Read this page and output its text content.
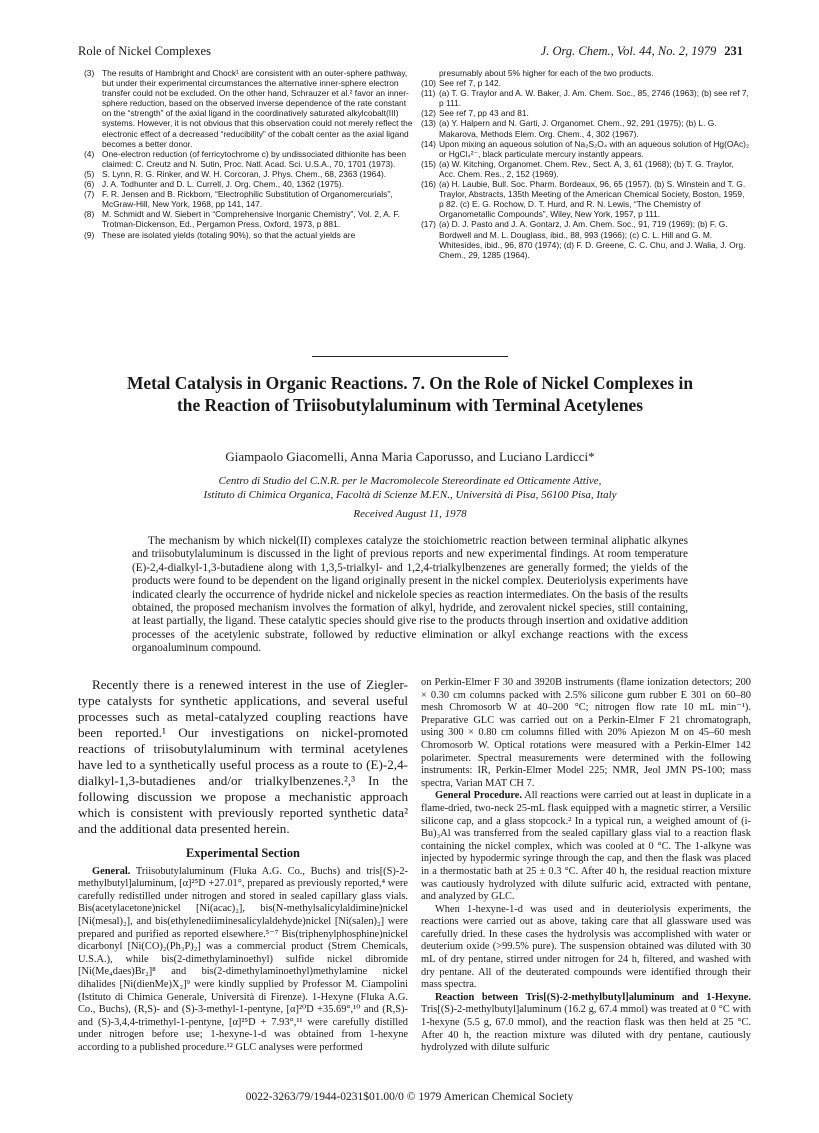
Role of Nickel Complexes	J. Org. Chem., Vol. 44, No. 2, 1979 231
(3) The results of Hambright and Chock¹ are consistent with an outer-sphere pathway, but under their experimental circumstances the alternative inner-sphere electron transfer could not be excluded. On the other hand, Schrauzer et al.² favor an inner-sphere reduction, based on the observed inverse dependence of the rate constant on the “strength” of the axial ligand in the coordinatively saturated alkylcobalt(III) systems. However, it is not obvious that this observation could not merely reflect the electronic effect of a decreased “reducibility” of the cobalt center as the axial ligand becomes a better donor.
(4) One-electron reduction (of ferricytochrome c) by undissociated dithionite has been claimed: C. Creutz and N. Sutin, Proc. Natl. Acad. Sci. U.S.A., 70, 1701 (1973).
(5) S. Lynn, R. G. Rinker, and W. H. Corcoran, J. Phys. Chem., 68, 2363 (1964).
(6) J. A. Todhunter and D. L. Currell, J. Org. Chem., 40, 1362 (1975).
(7) F. R. Jensen and B. Rickborn, “Electrophilic Substitution of Organomercurials”, McGraw-Hill, New York, 1968, pp 141, 147.
(8) M. Schmidt and W. Siebert in “Comprehensive Inorganic Chemistry”, Vol. 2, A. F. Trotman-Dickenson, Ed., Pergamon Press, Oxford, 1973, p 881.
(9) These are isolated yields (totaling 90%), so that the actual yields are
presumably about 5% higher for each of the two products.
(10) See ref 7, p 142.
(11) (a) T. G. Traylor and A. W. Baker, J. Am. Chem. Soc., 85, 2746 (1963); (b) see ref 7, p 111.
(12) See ref 7, pp 43 and 81.
(13) (a) Y. Halpern and N. Garti, J. Organomet. Chem., 92, 291 (1975); (b) L. G. Makarova, Methods Elem. Org. Chem., 4, 302 (1967).
(14) Upon mixing an aqueous solution of Na₂S₂O₄ with an aqueous solution of Hg(OAc)₂ or HgCl₄²⁻, black particulate mercury instantly appears.
(15) (a) W. Kitching, Organomet. Chem. Rev., Sect. A, 3, 61 (1968); (b) T. G. Traylor, Acc. Chem. Res., 2, 152 (1969).
(16) (a) H. Laubie, Bull. Soc. Pharm. Bordeaux, 96, 65 (1957). (b) S. Winstein and T. G. Traylor, Abstracts, 135th Meeting of the American Chemical Society, Boston, 1959, p 82. (c) E. G. Rochow, D. T. Hurd, and R. N. Lewis, “The Chemistry of Organometallic Compounds”, Wiley, New York, 1957, p 111.
(17) (a) D. J. Pasto and J. A. Gontarz, J. Am. Chem. Soc., 91, 719 (1969); (b) F. G. Bordwell and M. L. Douglass, ibid., 88, 993 (1966); (c) C. L. Hill and G. M. Whitesides, ibid., 96, 870 (1974); (d) F. D. Greene, C. C. Chu, and J. Walia, J. Org. Chem., 29, 1285 (1964).
Metal Catalysis in Organic Reactions. 7. On the Role of Nickel Complexes in the Reaction of Triisobutylaluminum with Terminal Acetylenes
Giampaolo Giacomelli, Anna Maria Caporusso, and Luciano Lardicci*
Centro di Studio del C.N.R. per le Macromolecole Stereordinate ed Otticamente Attive,
Istituto di Chimica Organica, Facoltà di Scienze M.F.N., Università di Pisa, 56100 Pisa, Italy
Received August 11, 1978
The mechanism by which nickel(II) complexes catalyze the stoichiometric reaction between terminal aliphatic alkynes and triisobutylaluminum is discussed in the light of previous reports and new experimental findings. At room temperature (E)-2,4-dialkyl-1,3-butadiene along with 1,3,5-trialkyl- and 1,2,4-trialkylbenzenes are generally formed; the yields of the products were found to be dependent on the ligand originally present in the nickel complex. Deuteriolysis experiments have indicated clearly the occurrence of hydride nickel and nickelole species as reaction intermediates. On the basis of the results obtained, the proposed mechanism involves the formation of alkyl, hydride, and zerovalent nickel species, still containing, at least partially, the ligand. These catalytic species should give rise to the products through insertion and oxidative addition processes of the acetylenic substrate, followed by reductive elimination or alkyl exchange reactions with the excess organoaluminum compound.

Recently there is a renewed interest in the use of Ziegler-type catalysts for synthetic applications, and several useful processes such as metal-catalyzed coupling reactions have been reported.¹ Our investigations on nickel-promoted reactions of triisobutylaluminum with terminal acetylenes have led to a synthetically useful process as a route to (E)-2,4-dialkyl-1,3-butadienes and/or trialkylbenzenes.²,³ In the following discussion we propose a mechanistic approach which is consistent with previously reported synthetic data² and the additional data presented herein.

Experimental Section

General. Triisobutylaluminum (Fluka A.G. Co., Buchs) and tris[(S)-2-methylbutyl]aluminum, [α]²⁵D +27.01°, prepared as previously reported,⁴ were carefully redistilled under nitrogen and stored in sealed capillary glass vials. Bis(acetylacetone)nickel [Ni(acac)₂], bis(N-methylsalicylaldimine)nickel [Ni(mesal)₂], and bis(ethylenediiminesalicylaldehyde)nickel [Ni(salen)₂] were prepared and purified as reported elsewhere.⁵⁻⁷ Bis(triphenylphosphine)nickel dicarbonyl [Ni(CO)₂(Ph₃P)₂] was a commercial product (Strem Chemicals, U.S.A.), while bis(2-dimethylaminoethyl) sulfide nickel dibromide [Ni(Me₄daes)Br₂]⁸ and bis(2-dimethylaminoethyl)methylamine nickel dihalides [Ni(dienMe)X₂]⁹ were kindly supplied by Professor M. Ciampolini (Istituto di Chimica Generale, Università di Firenze). 1-Hexyne (Fluka A.G. Co., Buchs), (R,S)- and (S)-3-methyl-1-pentyne, [α]²⁰D +35.69°,¹⁰ and (R,S)- and (S)-3,4,4-trimethyl-1-pentyne, [α]²⁵D + 7.93°,¹¹ were carefully distilled under nitrogen before use; 1-hexyne-1-d was obtained from 1-hexyne according to a published procedure.¹² GLC analyses were performed

on Perkin-Elmer F 30 and 3920B instruments (flame ionization detectors; 200 × 0.30 cm columns packed with 2.5% silicone gum rubber E 301 on 60–80 mesh Chromosorb W at 40–200 °C; nitrogen flow rate 10 mL min⁻¹). Preparative GLC was carried out on a Perkin-Elmer F 21 chromatograph, using 300 × 0.80 cm columns filled with 20% Apiezon M on 45–60 mesh Chromosorb W. Optical rotations were measured with a Perkin-Elmer 142 polarimeter. Spectral measurements were determined with the following instruments: IR, Perkin-Elmer Model 225; NMR, Jeol JMN PS-100; mass spectra, Varian MAT CH 7.

General Procedure. All reactions were carried out at least in duplicate in a flame-dried, two-neck 25-mL flask equipped with a magnetic stirrer, a Versilic silicone cap, and a glass stopcock.² In a typical run, a weighed amount of (i-Bu)₃Al was transferred from the sealed capillary glass vial to a reaction flask containing the nickel complex, which was cooled at 0 °C. The 1-alkyne was injected by hypodermic syringe through the cap, and then the flask was placed in a thermostatic bath at 25 ± 0.3 °C. After 40 h, the residual reaction mixture was cautiously hydrolyzed with dilute sulfuric acid, extracted with pentane, and analyzed by GLC.

When 1-hexyne-1-d was used and in deuteriolysis experiments, the reactions were carried out as above, taking care that all glassware used was carefully dried. In these cases the hydrolysis was accomplished with water or deuterium oxide (>99.5% pure). The suspension obtained was diluted with 30 mL of dry pentane, stirred under nitrogen for 24 h, filtered, and washed with dry pentane. All of the deuterated compounds were identified through their mass spectra.

Reaction between Tris[(S)-2-methylbutyl]aluminum and 1-Hexyne. Tris[(S)-2-methylbutyl]aluminum (16.2 g, 67.4 mmol) was treated at 0 °C with 1-hexyne (5.5 g, 67.0 mmol), and the reaction flask was then held at 25 °C. After 40 h, the reaction mixture was diluted with dry pentane, cautiously hydrolyzed with dilute sulfuric

0022-3263/79/1944-0231$01.00/0 © 1979 American Chemical Society
